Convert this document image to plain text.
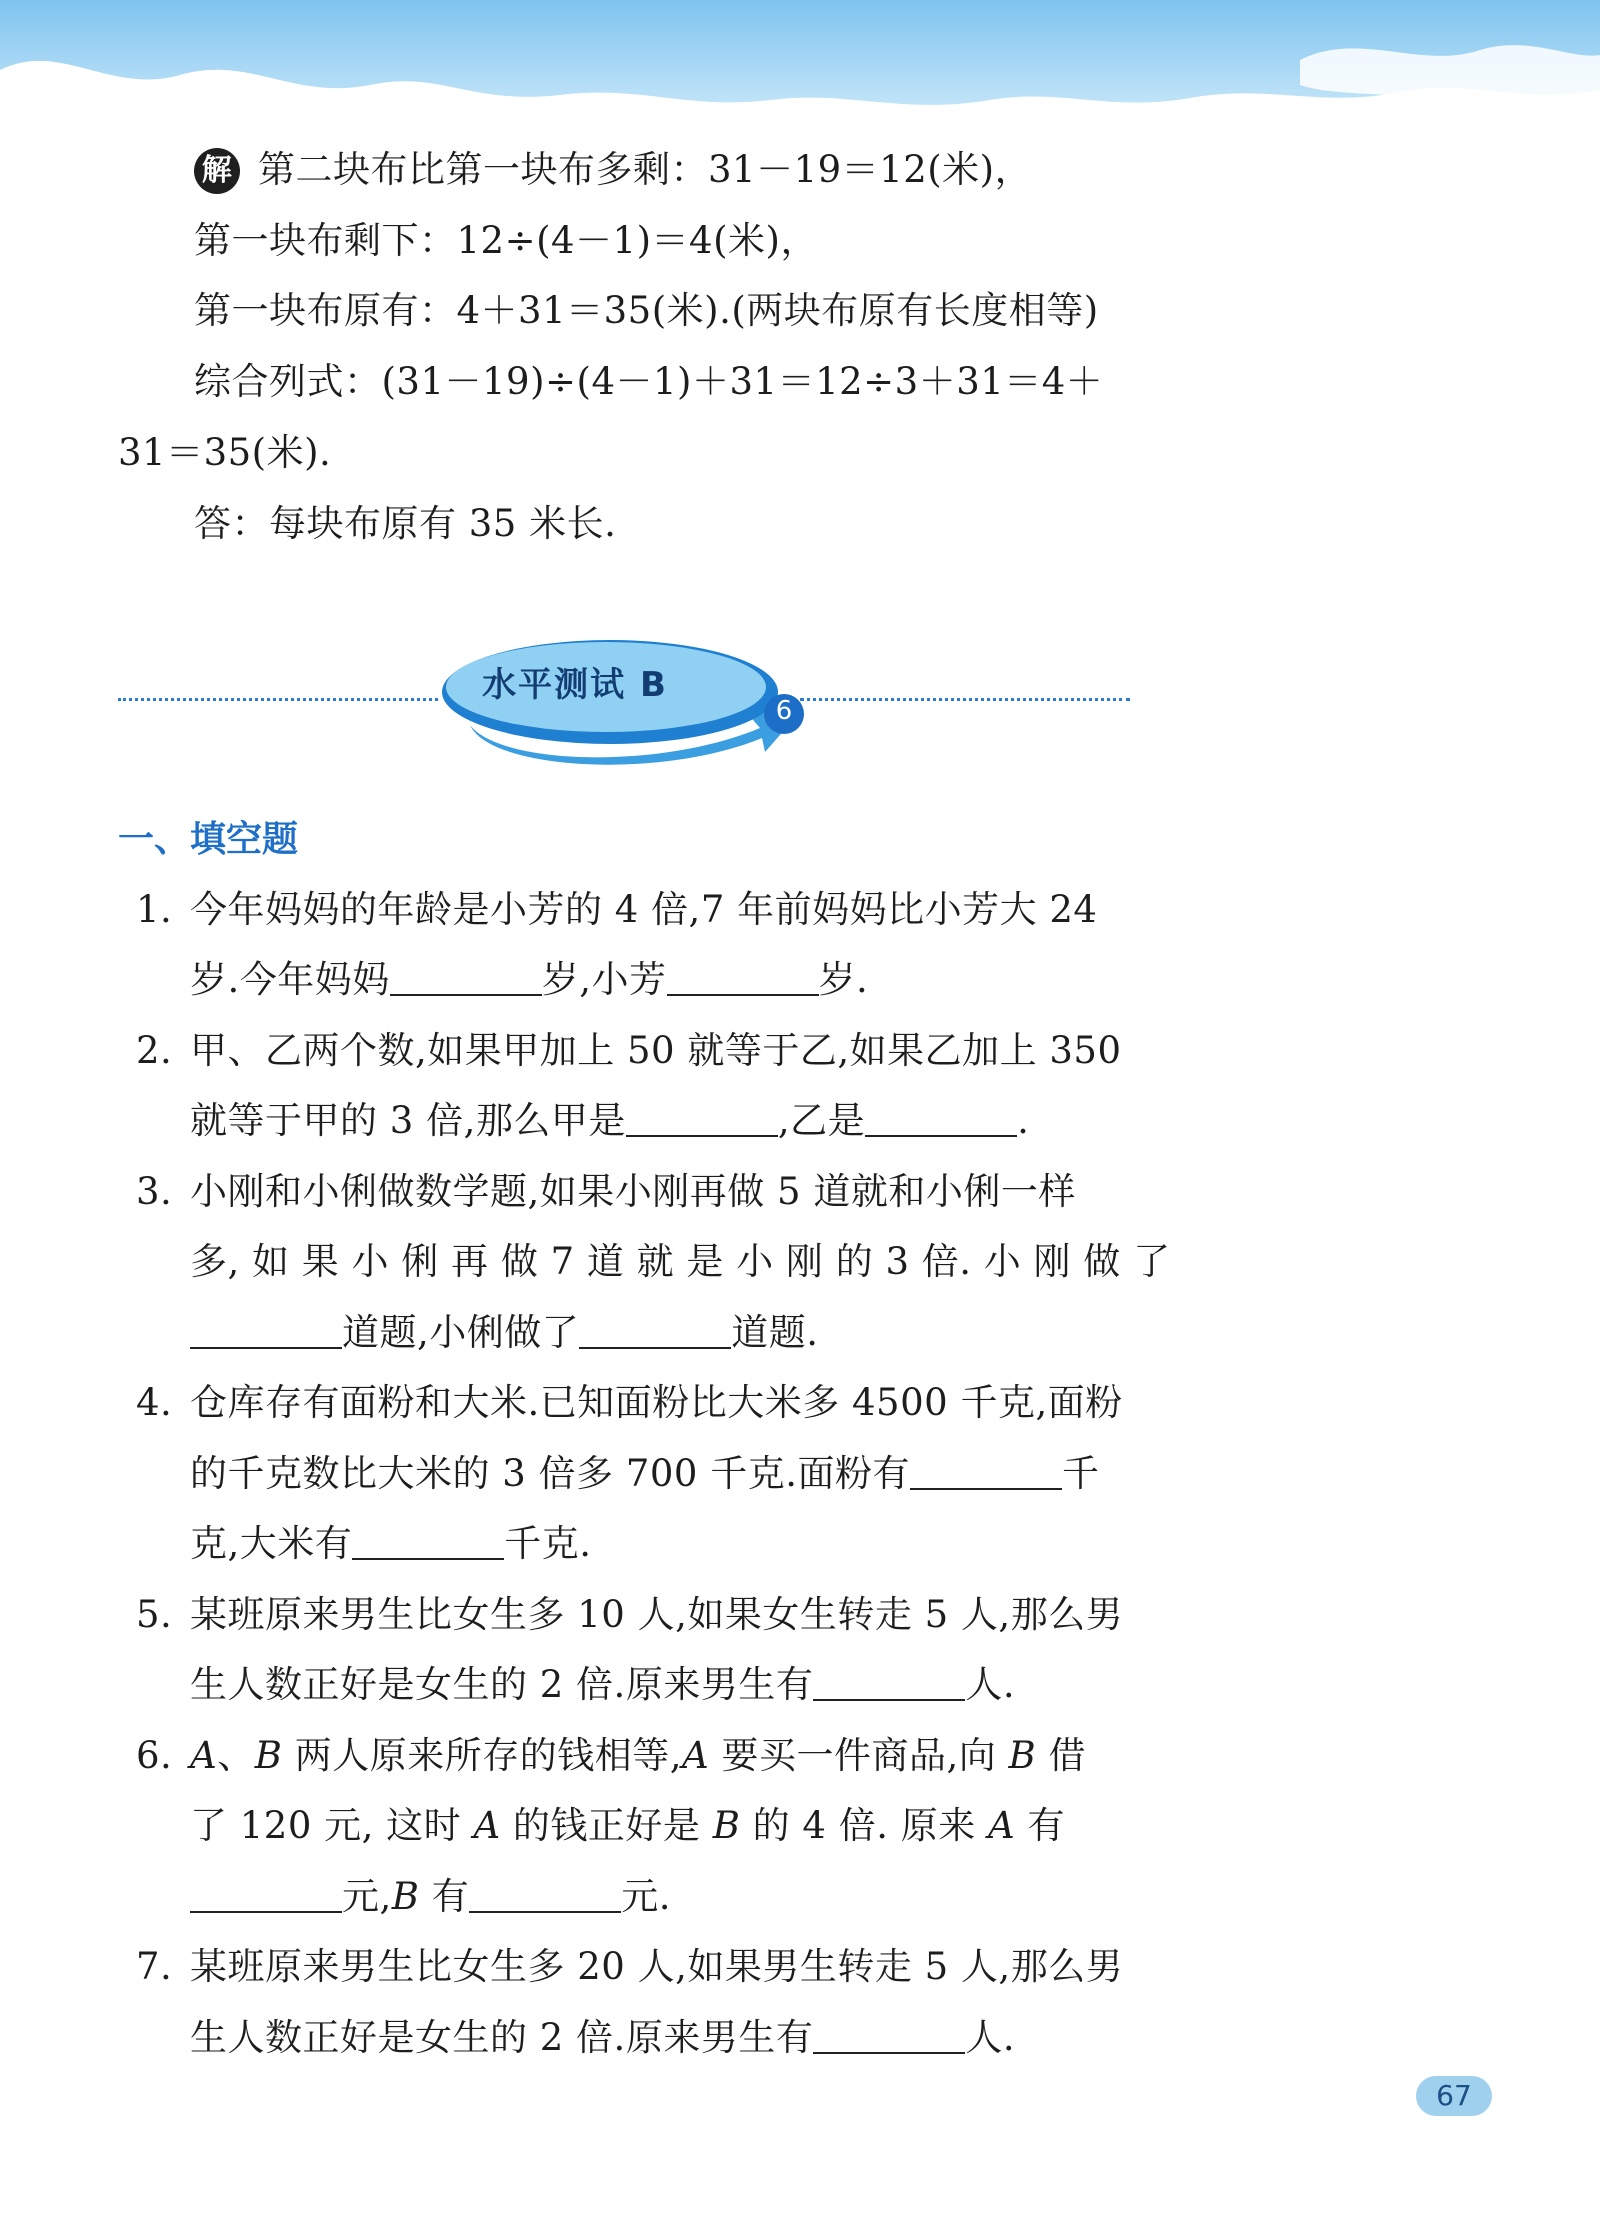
解 第二块布比第一块布多剩：31－19＝12(米)，
第一块布剩下：12÷(4－1)＝4(米)，
第一块布原有：4＋31＝35(米).(两块布原有长度相等)
综合列式：(31－19)÷(4－1)＋31＝12÷3＋31＝4＋
31＝35(米).
答：每块布原有 35 米长.
水平测试 B
6
一、填空题
1. 今年妈妈的年龄是小芳的 4 倍,7 年前妈妈比小芳大 24
岁.今年妈妈	岁,小芳	岁.
2. 甲、乙两个数,如果甲加上 50 就等于乙,如果乙加上 350
就等于甲的 3 倍,那么甲是	,乙是	.
3. 小刚和小俐做数学题,如果小刚再做 5 道就和小俐一样
多, 如 果 小 俐 再 做 7 道 就 是 小 刚 的 3 倍. 小 刚 做 了
道题,小俐做了	道题.
4. 仓库存有面粉和大米.已知面粉比大米多 4500 千克,面粉
的千克数比大米的 3 倍多 700 千克.面粉有	千
克,大米有	千克.
5. 某班原来男生比女生多 10 人,如果女生转走 5 人,那么男
生人数正好是女生的 2 倍.原来男生有	人.
6. A、B 两人原来所存的钱相等,A 要买一件商品,向 B 借
了 120 元, 这时 A 的钱正好是 B 的 4 倍. 原来 A 有
元,B 有	元.
7. 某班原来男生比女生多 20 人,如果男生转走 5 人,那么男
生人数正好是女生的 2 倍.原来男生有	人.
67
